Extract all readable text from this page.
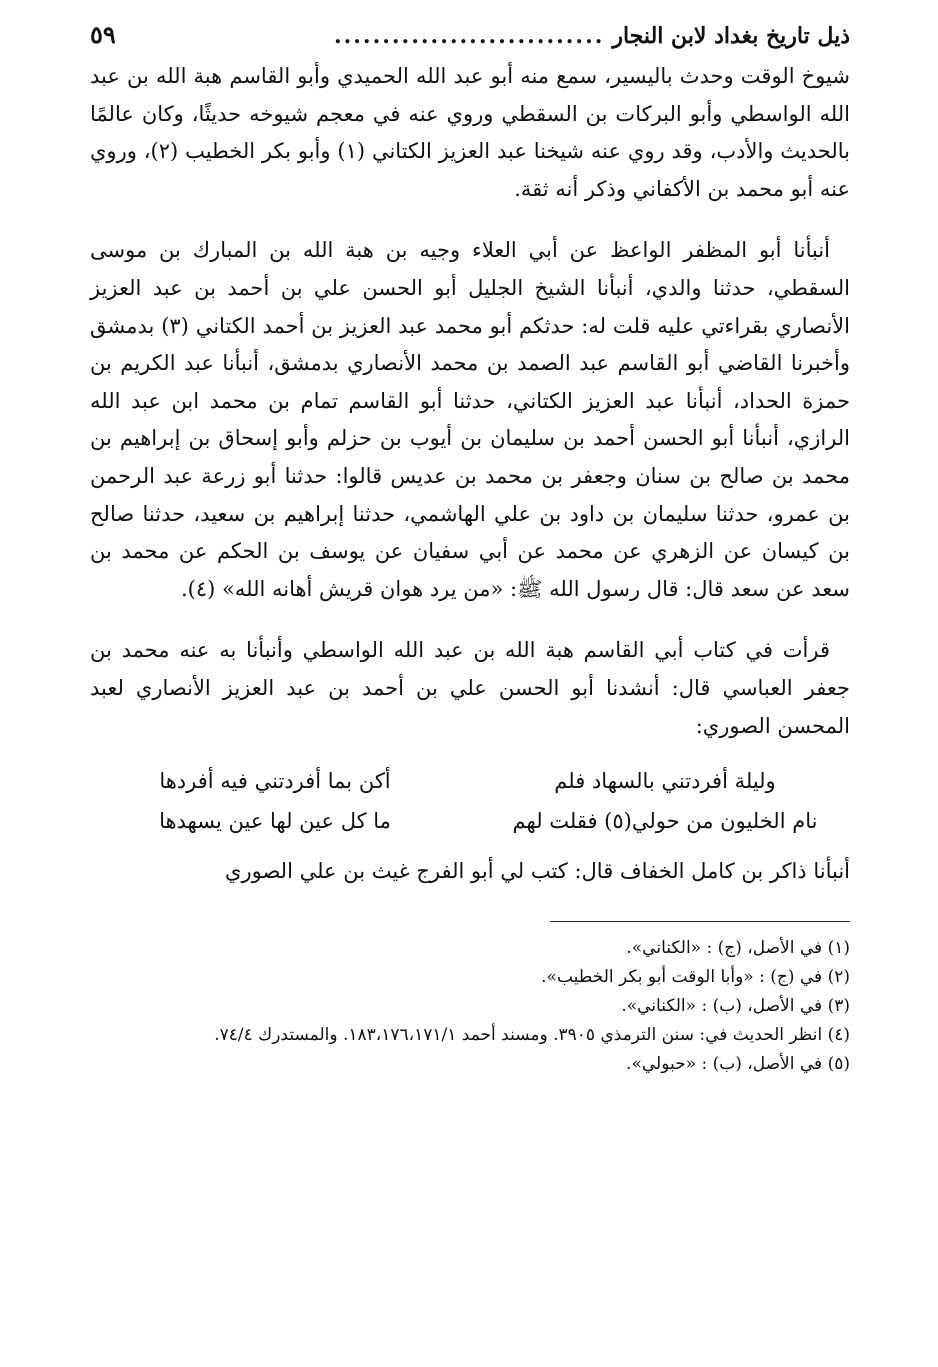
ذيل تاريخ بغداد لابن النجار
............................
٥٩

شيوخ الوقت وحدث باليسير، سمع منه أبو عبد الله الحميدي وأبو القاسم هبة الله بن عبد الله الواسطي وأبو البركات بن السقطي وروي عنه في معجم شيوخه حديثًا، وكان عالمًا بالحديث والأدب، وقد روي عنه شيخنا عبد العزيز الكتاني (١) وأبو بكر الخطيب (٢)، وروي عنه أبو محمد بن الأكفاني وذكر أنه ثقة.

أنبأنا أبو المظفر الواعظ عن أبي العلاء وجيه بن هبة الله بن المبارك بن موسى السقطي، حدثنا والدي، أنبأنا الشيخ الجليل أبو الحسن علي بن أحمد بن عبد العزيز الأنصاري بقراءتي عليه قلت له: حدثكم أبو محمد عبد العزيز بن أحمد الكتاني (٣) بدمشق وأخبرنا القاضي أبو القاسم عبد الصمد بن محمد الأنصاري بدمشق، أنبأنا عبد الكريم بن حمزة الحداد، أنبأنا عبد العزيز الكتاني، حدثنا أبو القاسم تمام بن محمد ابن عبد الله الرازي، أنبأنا أبو الحسن أحمد بن سليمان بن أيوب بن حزلم وأبو إسحاق بن إبراهيم بن محمد بن صالح بن سنان وجعفر بن محمد بن عديس قالوا: حدثنا أبو زرعة عبد الرحمن بن عمرو، حدثنا سليمان بن داود بن علي الهاشمي، حدثنا إبراهيم بن سعيد، حدثنا صالح بن كيسان عن الزهري عن محمد عن أبي سفيان عن يوسف بن الحكم عن محمد بن سعد عن سعد قال: قال رسول الله ﷺ: «من يرد هوان قريش أهانه الله» (٤).

قرأت في كتاب أبي القاسم هبة الله بن عبد الله الواسطي وأنبأنا به عنه محمد بن جعفر العباسي قال: أنشدنا أبو الحسن علي بن أحمد بن عبد العزيز الأنصاري لعبد المحسن الصوري:

وليلة أفردتني بالسهاد فلم
أكن بما أفردتني فيه أفردها
نام الخليون من حولي(٥) فقلت لهم
ما كل عين لها عين يسهدها

أنبأنا ذاكر بن كامل الخفاف قال: كتب لي أبو الفرج غيث بن علي الصوري

(١) في الأصل، (ج) : «الكناني».

(٢) في (ج) : «وأبا الوقت أبو بكر الخطيب».

(٣) في الأصل، (ب) : «الكناني».

(٤) انظر الحديث في: سنن الترمذي ٣٩٠٥. ومسند أحمد ١٨٣،١٧٦،١٧١/١. والمستدرك ٧٤/٤.

(٥) في الأصل، (ب) : «حبولي».
